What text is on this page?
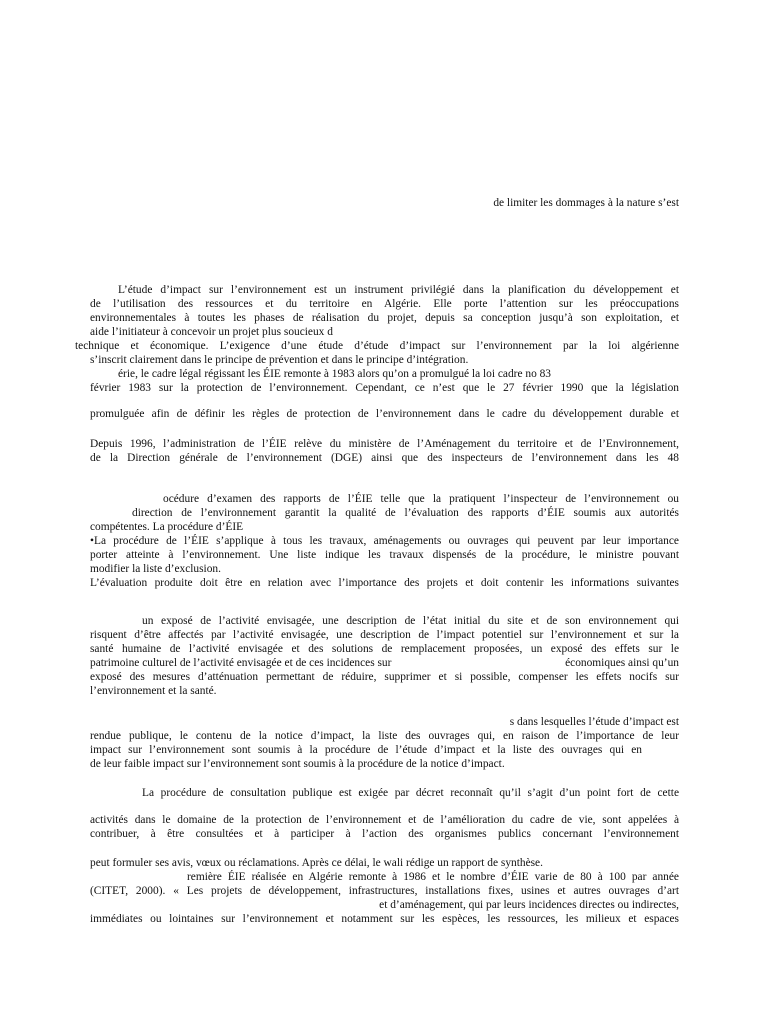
de limiter les dommages à la nature s’est

L’étude d’impact sur l’environnement est un instrument privilégié dans la planification du développement et

de l’utilisation des ressources et du territoire en Algérie. Elle porte l’attention sur les préoccupations

environnementales à toutes les phases de réalisation du projet, depuis sa conception jusqu’à son exploitation, et

aide l’initiateur à concevoir un projet plus soucieux d

technique et économique. L’exigence d’une étude d’étude d’impact sur l’environnement par la loi algérienne

s’inscrit clairement dans le principe de prévention et dans le principe d’intégration.

érie, le cadre légal régissant les ÉIE remonte à 1983 alors qu’on a promulgué la loi cadre no 83

février 1983 sur la protection de l’environnement. Cependant, ce n’est que le 27 février 1990 que la législation

promulguée afin de définir les règles de protection de l’environnement dans le cadre du développement durable et

Depuis 1996, l’administration de l’ÉIE relève du ministère de l’Aménagement du territoire et de l’Environnement,

de la Direction générale de l’environnement (DGE) ainsi que des inspecteurs de l’environnement dans les 48

océdure d’examen des rapports de l’ÉIE telle que la pratiquent l’inspecteur de l’environnement ou

direction de l’environnement garantit la qualité de l’évaluation des rapports d’ÉIE soumis aux autorités

compétentes. La procédure d’ÉIE

•La procédure de l’ÉIE s’applique à tous les travaux, aménagements ou ouvrages qui peuvent par leur importance

porter atteinte à l’environnement. Une liste indique les travaux dispensés de la procédure, le ministre pouvant

modifier la liste d’exclusion.

L’évaluation produite doit être en relation avec l’importance des projets et doit contenir les informations suivantes

un exposé de l’activité envisagée, une description de l’état initial du site et de son environnement qui

risquent d’être affectés par l’activité envisagée, une description de l’impact potentiel sur l’environnement et sur la

santé humaine de l’activité envisagée et des solutions de remplacement proposées, un exposé des effets sur le

patrimoine culturel de l’activité envisagée et de ces incidences sur	économiques ainsi qu’un

exposé des mesures d’atténuation permettant de réduire, supprimer et si possible, compenser les effets nocifs sur

l’environnement et la santé.

s dans lesquelles l’étude d’impact est

rendue publique, le contenu de la notice d’impact, la liste des ouvrages qui, en raison de l’importance de leur

impact sur l’environnement sont soumis à la procédure de l’étude d’impact et la liste des ouvrages qui en

de leur faible impact sur l’environnement sont soumis à la procédure de la notice d’impact.

La procédure de consultation publique est exigée par décret reconnaît qu’il s’agit d’un point fort de cette

activités dans le domaine de la protection de l’environnement et de l’amélioration du cadre de vie, sont appelées à

contribuer, à être consultées et à participer à l’action des organismes publics concernant l’environnement

peut formuler ses avis, vœux ou réclamations. Après ce délai, le wali rédige un rapport de synthèse.

remière ÉIE réalisée en Algérie remonte à 1986 et le nombre d’ÉIE varie de 80 à 100 par année

(CITET, 2000). « Les projets de développement, infrastructures, installations fixes, usines et autres ouvrages d’art

et d’aménagement, qui par leurs incidences directes ou indirectes,

immédiates ou lointaines sur l’environnement et notamment sur les espèces, les ressources, les milieux et espaces
